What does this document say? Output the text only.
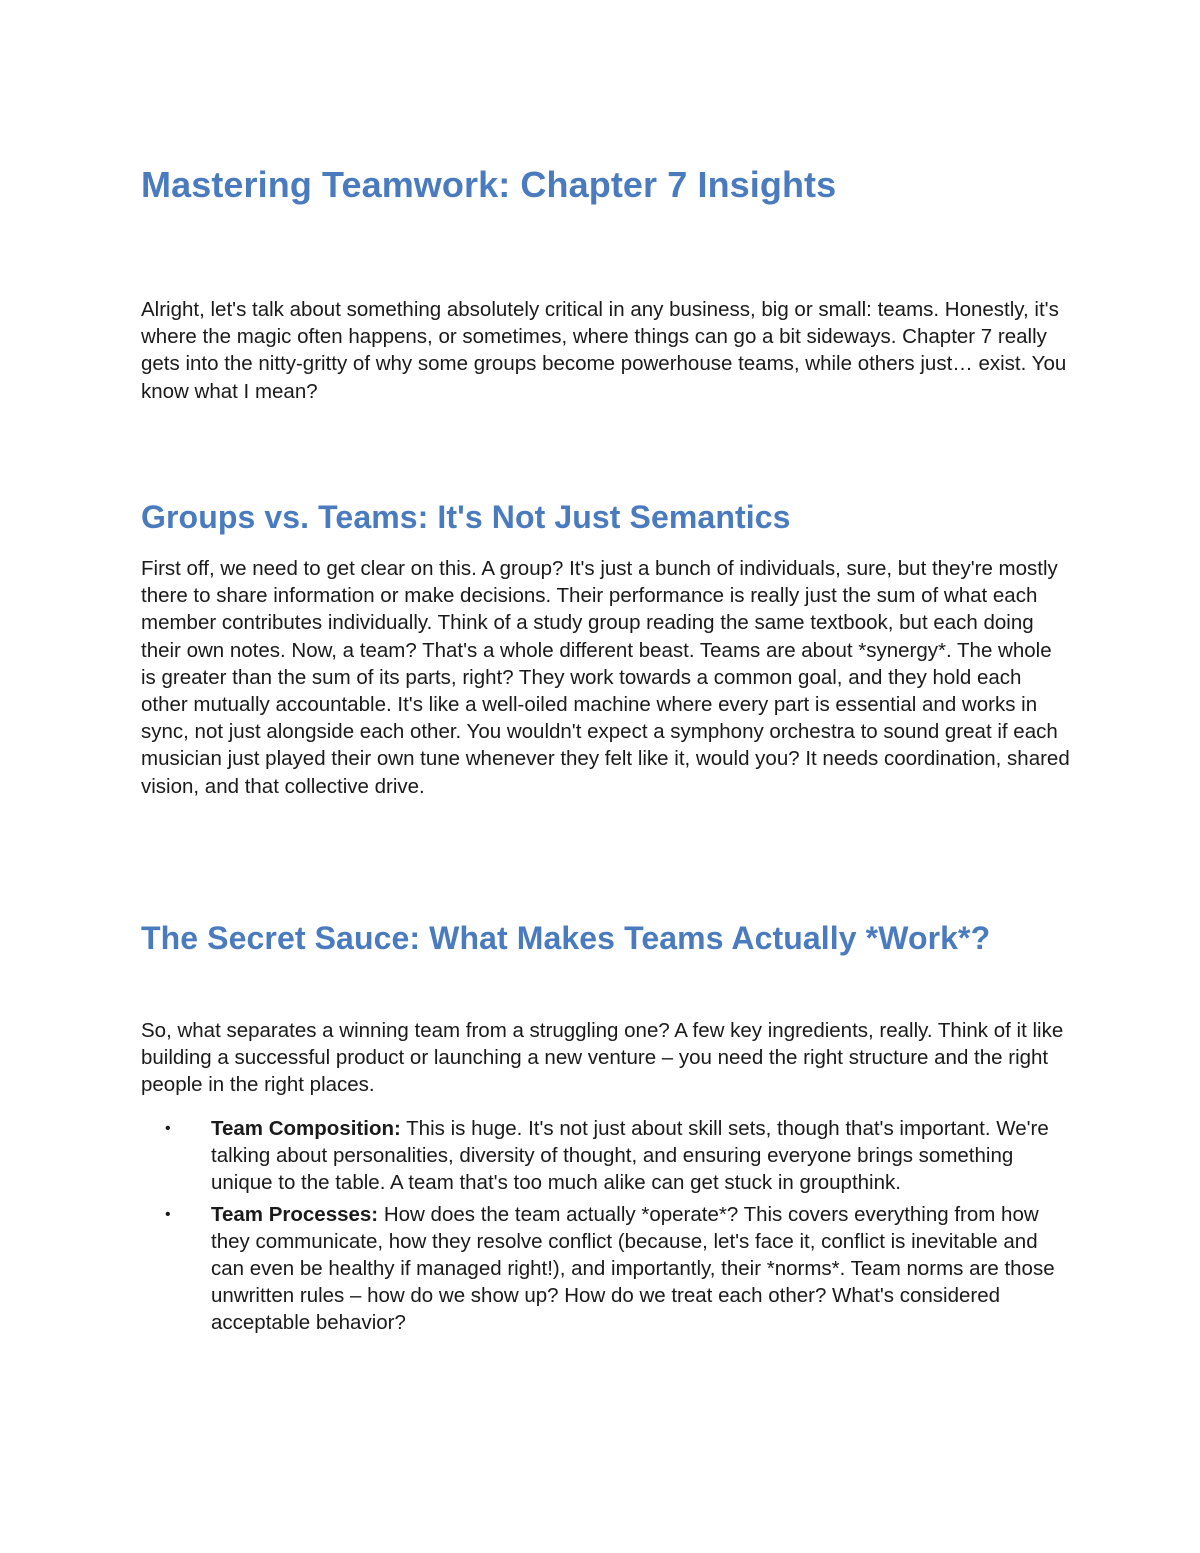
Mastering Teamwork: Chapter 7 Insights

Alright, let's talk about something absolutely critical in any business, big or small: teams. Honestly, it's where the magic often happens, or sometimes, where things can go a bit sideways. Chapter 7 really gets into the nitty-gritty of why some groups become powerhouse teams, while others just… exist. You know what I mean?

Groups vs. Teams: It's Not Just Semantics

First off, we need to get clear on this. A group? It's just a bunch of individuals, sure, but they're mostly there to share information or make decisions. Their performance is really just the sum of what each member contributes individually. Think of a study group reading the same textbook, but each doing their own notes. Now, a team? That's a whole different beast. Teams are about *synergy*. The whole is greater than the sum of its parts, right? They work towards a common goal, and they hold each other mutually accountable. It's like a well-oiled machine where every part is essential and works in sync, not just alongside each other. You wouldn't expect a symphony orchestra to sound great if each musician just played their own tune whenever they felt like it, would you? It needs coordination, shared vision, and that collective drive.

The Secret Sauce: What Makes Teams Actually *Work*?

So, what separates a winning team from a struggling one? A few key ingredients, really. Think of it like building a successful product or launching a new venture – you need the right structure and the right people in the right places.

• Team Composition: This is huge. It's not just about skill sets, though that's important. We're talking about personalities, diversity of thought, and ensuring everyone brings something unique to the table. A team that's too much alike can get stuck in groupthink.
• Team Processes: How does the team actually *operate*? This covers everything from how they communicate, how they resolve conflict (because, let's face it, conflict is inevitable and can even be healthy if managed right!), and importantly, their *norms*. Team norms are those unwritten rules – how do we show up? How do we treat each other? What's considered acceptable behavior?
